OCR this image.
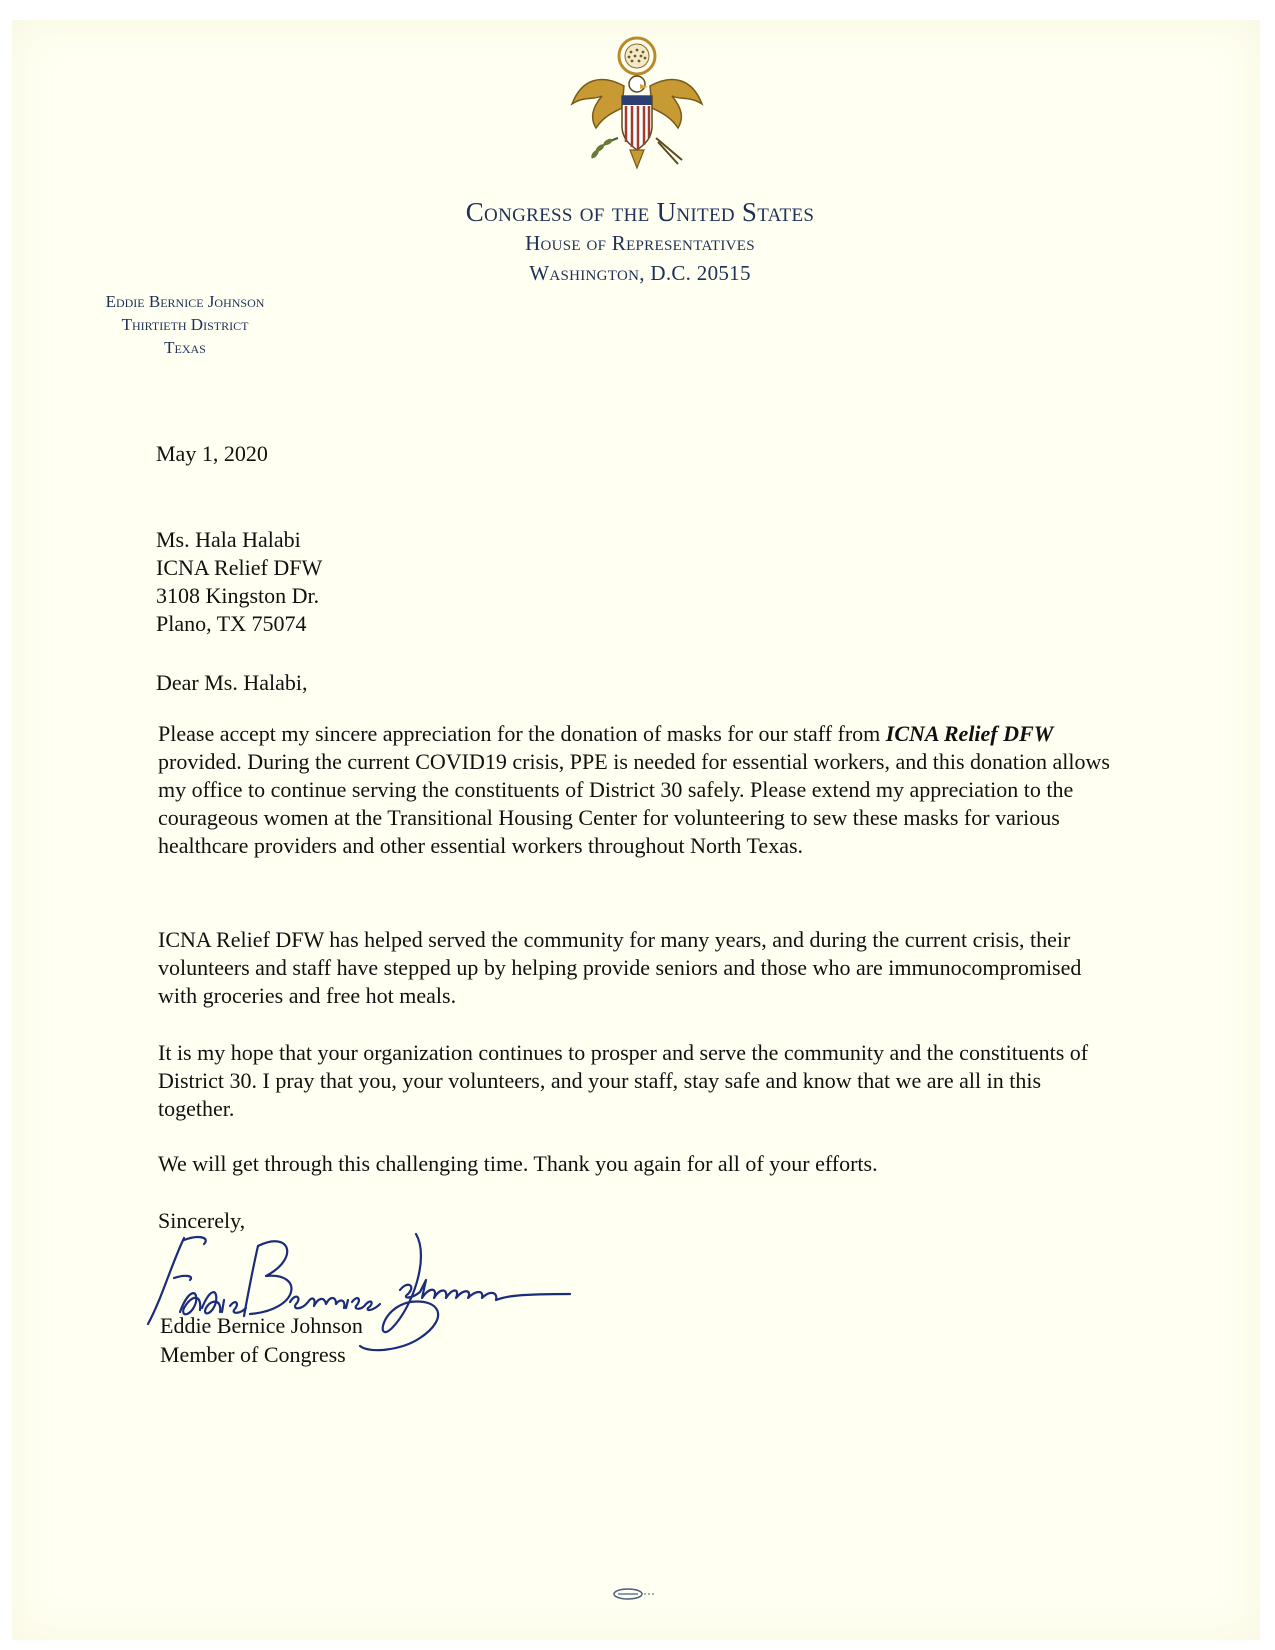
Congress of the United States
House of Representatives
Washington, D.C. 20515
Eddie Bernice Johnson
Thirtieth District
Texas
May 1, 2020
Ms. Hala Halabi
ICNA Relief DFW
3108 Kingston Dr.
Plano, TX 75074
Dear Ms. Halabi,
Please accept my sincere appreciation for the donation of masks for our staff from ICNA Relief DFW provided. During the current COVID19 crisis, PPE is needed for essential workers, and this donation allows my office to continue serving the constituents of District 30 safely. Please extend my appreciation to the courageous women at the Transitional Housing Center for volunteering to sew these masks for various healthcare providers and other essential workers throughout North Texas.
ICNA Relief DFW has helped served the community for many years, and during the current crisis, their volunteers and staff have stepped up by helping provide seniors and those who are immunocompromised with groceries and free hot meals.
It is my hope that your organization continues to prosper and serve the community and the constituents of District 30. I pray that you, your volunteers, and your staff, stay safe and know that we are all in this together.
We will get through this challenging time. Thank you again for all of your efforts.
Sincerely,
Eddie Bernice Johnson
Member of Congress
